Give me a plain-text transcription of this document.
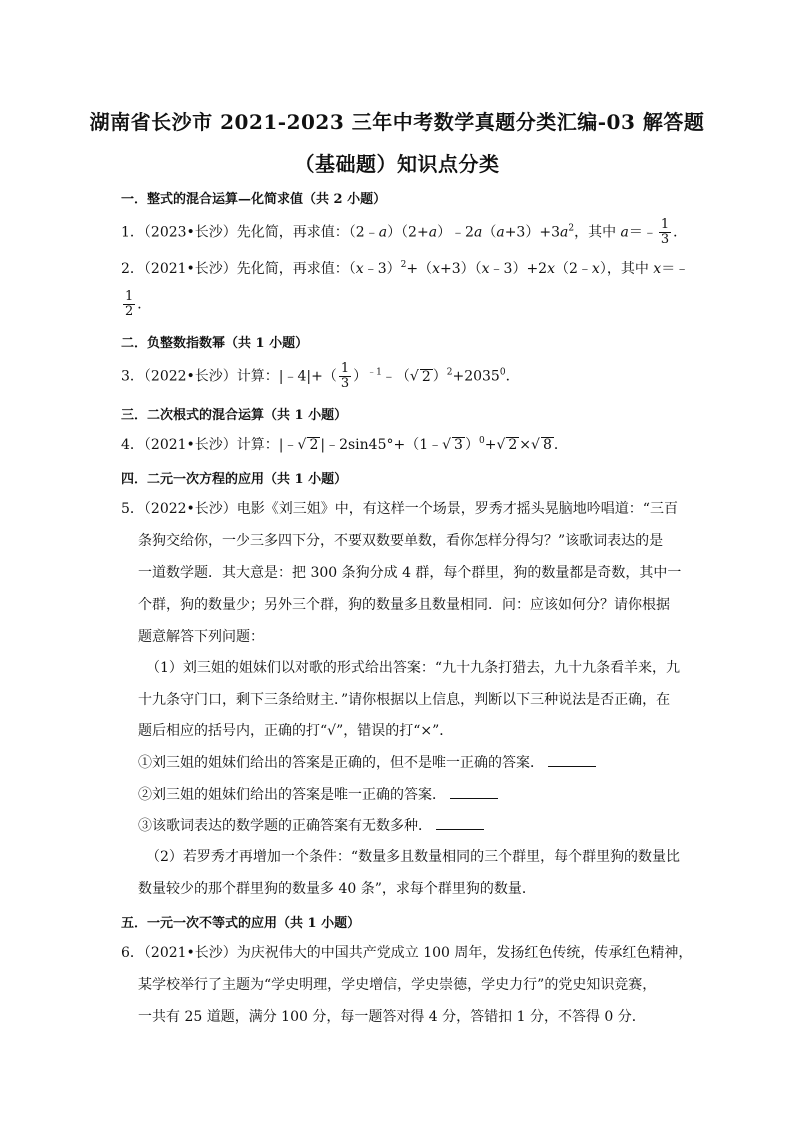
湖南省长沙市 2021-2023 三年中考数学真题分类汇编-03 解答题
（基础题）知识点分类
一．整式的混合运算—化简求值（共 2 小题）
1．（2023•长沙）先化简，再求值：$(2﹣a)(2+a)﹣2a(a+3)+3a^2$，其中 a＝﹣ $\frac{1}{3}$ ．
2．（2021•长沙）先化简，再求值：（x﹣3）$^2$+（x+3）（x﹣3）+2x（2﹣x），其中 x＝﹣
$\frac{1}{2}$ ．
二．负整数指数幂（共 1 小题）
3．（2022•长沙）计算：|﹣4|+（ $\frac{1}{3}$ ）$^{﹣1}$﹣（√ 2 ）$^2+2035^0$．
三．二次根式的混合运算（共 1 小题）
4．（2021•长沙）计算：|﹣√ 2 |﹣2sin45°+（1﹣√ 3 ）$^0$+√ 2 ×√ 8 ．
四．二元一次方程的应用（共 1 小题）
5．（2022•长沙）电影《刘三姐》中，有这样一个场景，罗秀才摇头晃脑地吟唱道：“三百
条狗交给你，一少三多四下分，不要双数要单数，看你怎样分得匀？”该歌词表达的是
一道数学题．其大意是：把 300 条狗分成 4 群，每个群里，狗的数量都是奇数，其中一
个群，狗的数量少；另外三个群，狗的数量多且数量相同．问：应该如何分？请你根据
题意解答下列问题：
（1）刘三姐的姐妹们以对歌的形式给出答案：“九十九条打猎去，九十九条看羊来，九
十九条守门口，剩下三条给财主．”请你根据以上信息，判断以下三种说法是否正确，在
题后相应的括号内，正确的打“√”，错误的打“×”．
①刘三姐的姐妹们给出的答案是正确的，但不是唯一正确的答案．
②刘三姐的姐妹们给出的答案是唯一正确的答案．
③该歌词表达的数学题的正确答案有无数多种．
（2）若罗秀才再增加一个条件：“数量多且数量相同的三个群里，每个群里狗的数量比
数量较少的那个群里狗的数量多 40 条”，求每个群里狗的数量．
五．一元一次不等式的应用（共 1 小题）
6．（2021•长沙）为庆祝伟大的中国共产党成立 100 周年，发扬红色传统，传承红色精神，
某学校举行了主题为“学史明理，学史增信，学史崇德，学史力行”的党史知识竞赛，
一共有 25 道题，满分 100 分，每一题答对得 4 分，答错扣 1 分，不答得 0 分．
